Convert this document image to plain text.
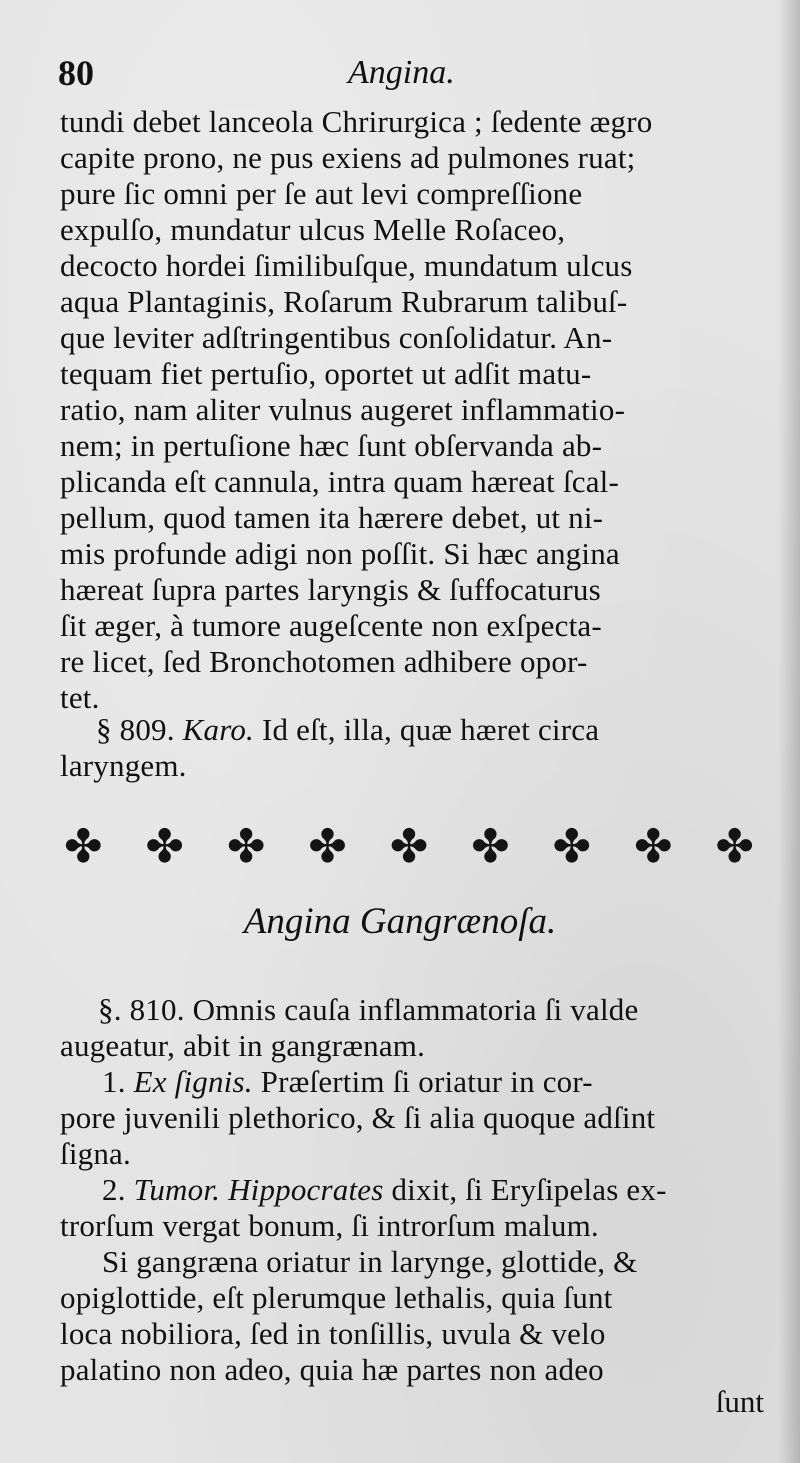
80	Angina.
tundi debet lanceola Chrirurgica ; ſedente ægro
capite prono, ne pus exiens ad pulmones ruat;
pure ſic omni per ſe aut levi compreſſione
expulſo, mundatur ulcus Melle Roſaceo,
decocto hordei ſimilibuſque, mundatum ulcus
aqua Plantaginis, Roſarum Rubrarum talibuſ-
que leviter adſtringentibus conſolidatur. An-
tequam fiet pertuſio, oportet ut adſit matu-
ratio, nam aliter vulnus augeret inflammatio-
nem; in pertuſione hæc ſunt obſervanda ab-
plicanda eſt cannula, intra quam hæreat ſcal-
pellum, quod tamen ita hærere debet, ut ni-
mis profunde adigi non poſſit. Si hæc angina
hæreat ſupra partes laryngis & ſuffocaturus
ſit æger, à tumore augeſcente non exſpecta-
re licet, ſed Bronchotomen adhibere opor-
tet.
§ 809. Karo. Id eſt, illa, quæ hæret circa
laryngem.
✤ ✤ ✤ ✤ ✤ ✤ ✤ ✤ ✤
Angina Gangrænoſa.
§. 810. Omnis cauſa inflammatoria ſi valde
augeatur, abit in gangrænam.
1. Ex ſignis. Præſertim ſi oriatur in cor-
pore juvenili plethorico, & ſi alia quoque adſint
ſigna.
2. Tumor. Hippocrates dixit, ſi Eryſipelas ex-
trorſum vergat bonum, ſi introrſum malum.
Si gangræna oriatur in larynge, glottide, &
opiglottide, eſt plerumque lethalis, quia ſunt
loca nobiliora, ſed in tonſillis, uvula & velo
palatino non adeo, quia hæ partes non adeo
ſunt
